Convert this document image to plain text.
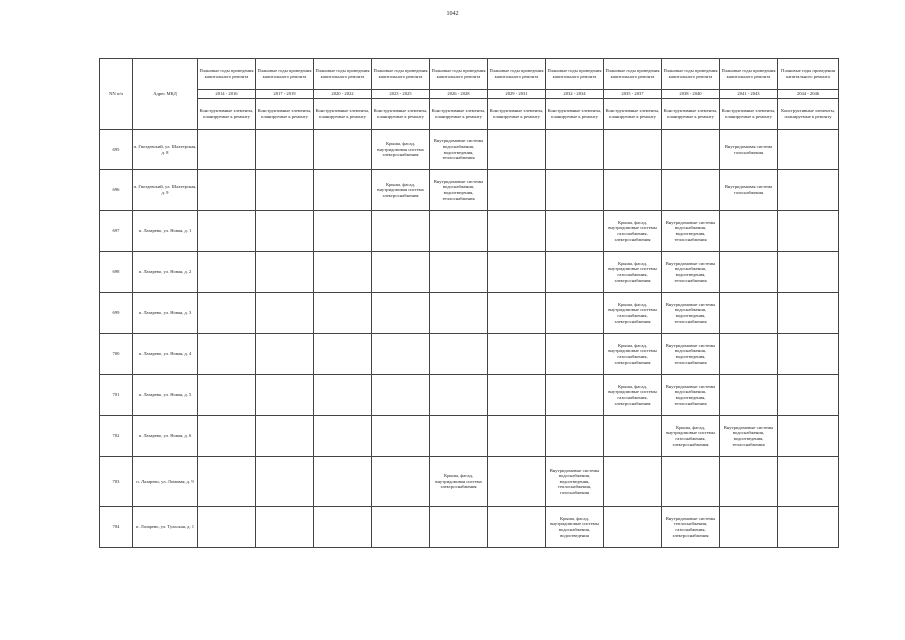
1042
NN п/п	Адрес МКД	Плановые годы проведения капитального ремонта	Плановые годы проведения капитального ремонта	Плановые годы проведения капитального ремонта	Плановые годы проведения капитального ремонта	Плановые годы проведения капитального ремонта	Плановые годы проведения капитального ремонта	Плановые годы проведения капитального ремонта	Плановые годы проведения капитального ремонта	Плановые годы проведения капитального ремонта	Плановые годы проведения капитального ремонта	Плановые годы проведения капитального ремонта
		2014 - 2016	2017 - 2019	2020 - 2022	2023 - 2025	2026 - 2028	2029 - 2031	2032 - 2034	2035 - 2037	2038 - 2040	2041 - 2043	2044 - 2046
		Конструктивные элементы, планируемые к ремонту	Конструктивные элементы, планируемые к ремонту	Конструктивные элементы, планируемые к ремонту	Конструктивные элементы, планируемые к ремонту	Конструктивные элементы, планируемые к ремонту	Конструктивные элементы, планируемые к ремонту	Конструктивные элементы, планируемые к ремонту	Конструктивные элементы, планируемые к ремонту	Конструктивные элементы, планируемые к ремонту	Конструктивные элементы, планируемые к ремонту	Конструктивные элементы, планируемые к ремонту
695	п. Гвоздевский, ул. Шахтерская, д. 8				Крыша, фасад, внутридомовая система электроснабжения	Внутридомовые системы водоснабжения, водоотведения, теплоснабжения					Внутридомовая система газоснабжения	
696	п. Гвоздевский, ул. Шахтерская, д. 9				Крыша, фасад, внутридомовая система электроснабжения	Внутридомовые системы водоснабжения, водоотведения, теплоснабжения					Внутридомовая система газоснабжения	
697	п. Лазарево, ул. Новая, д. 1								Крыша, фасад, внутридомовые системы газоснабжения, электроснабжения	Внутридомовые системы водоснабжения, водоотведения, теплоснабжения		
698	п. Лазарево, ул. Новая, д. 2								Крыша, фасад, внутридомовые системы газоснабжения, электроснабжения	Внутридомовые системы водоснабжения, водоотведения, теплоснабжения		
699	п. Лазарево, ул. Новая, д. 3								Крыша, фасад, внутридомовые системы газоснабжения, электроснабжения	Внутридомовые системы водоснабжения, водоотведения, теплоснабжения		
700	п. Лазарево, ул. Новая, д. 4								Крыша, фасад, внутридомовые системы газоснабжения, электроснабжения	Внутридомовые системы водоснабжения, водоотведения, теплоснабжения		
701	п. Лазарево, ул. Новая, д. 5								Крыша, фасад, внутридомовые системы газоснабжения, электроснабжения	Внутридомовые системы водоснабжения, водоотведения, теплоснабжения		
702	п. Лазарево, ул. Новая, д. 6									Крыша, фасад, внутридомовые системы газоснабжения, электроснабжения	Внутридомовые системы водоснабжения, водоотведения, теплоснабжения	
703	п. Лазарево, ул. Ломовая, д. 9					Крыша, фасад, внутридомовая система электроснабжения		Внутридомовые системы водоснабжения, водоотведения, теплоснабжения, газоснабжения				
704	п. Лазарево, ул. Тульская, д. 1							Крыша, фасад, внутридомовые системы водоснабжения, водоотведения		Внутридомовые системы теплоснабжения, газоснабжения, электроснабжения		
